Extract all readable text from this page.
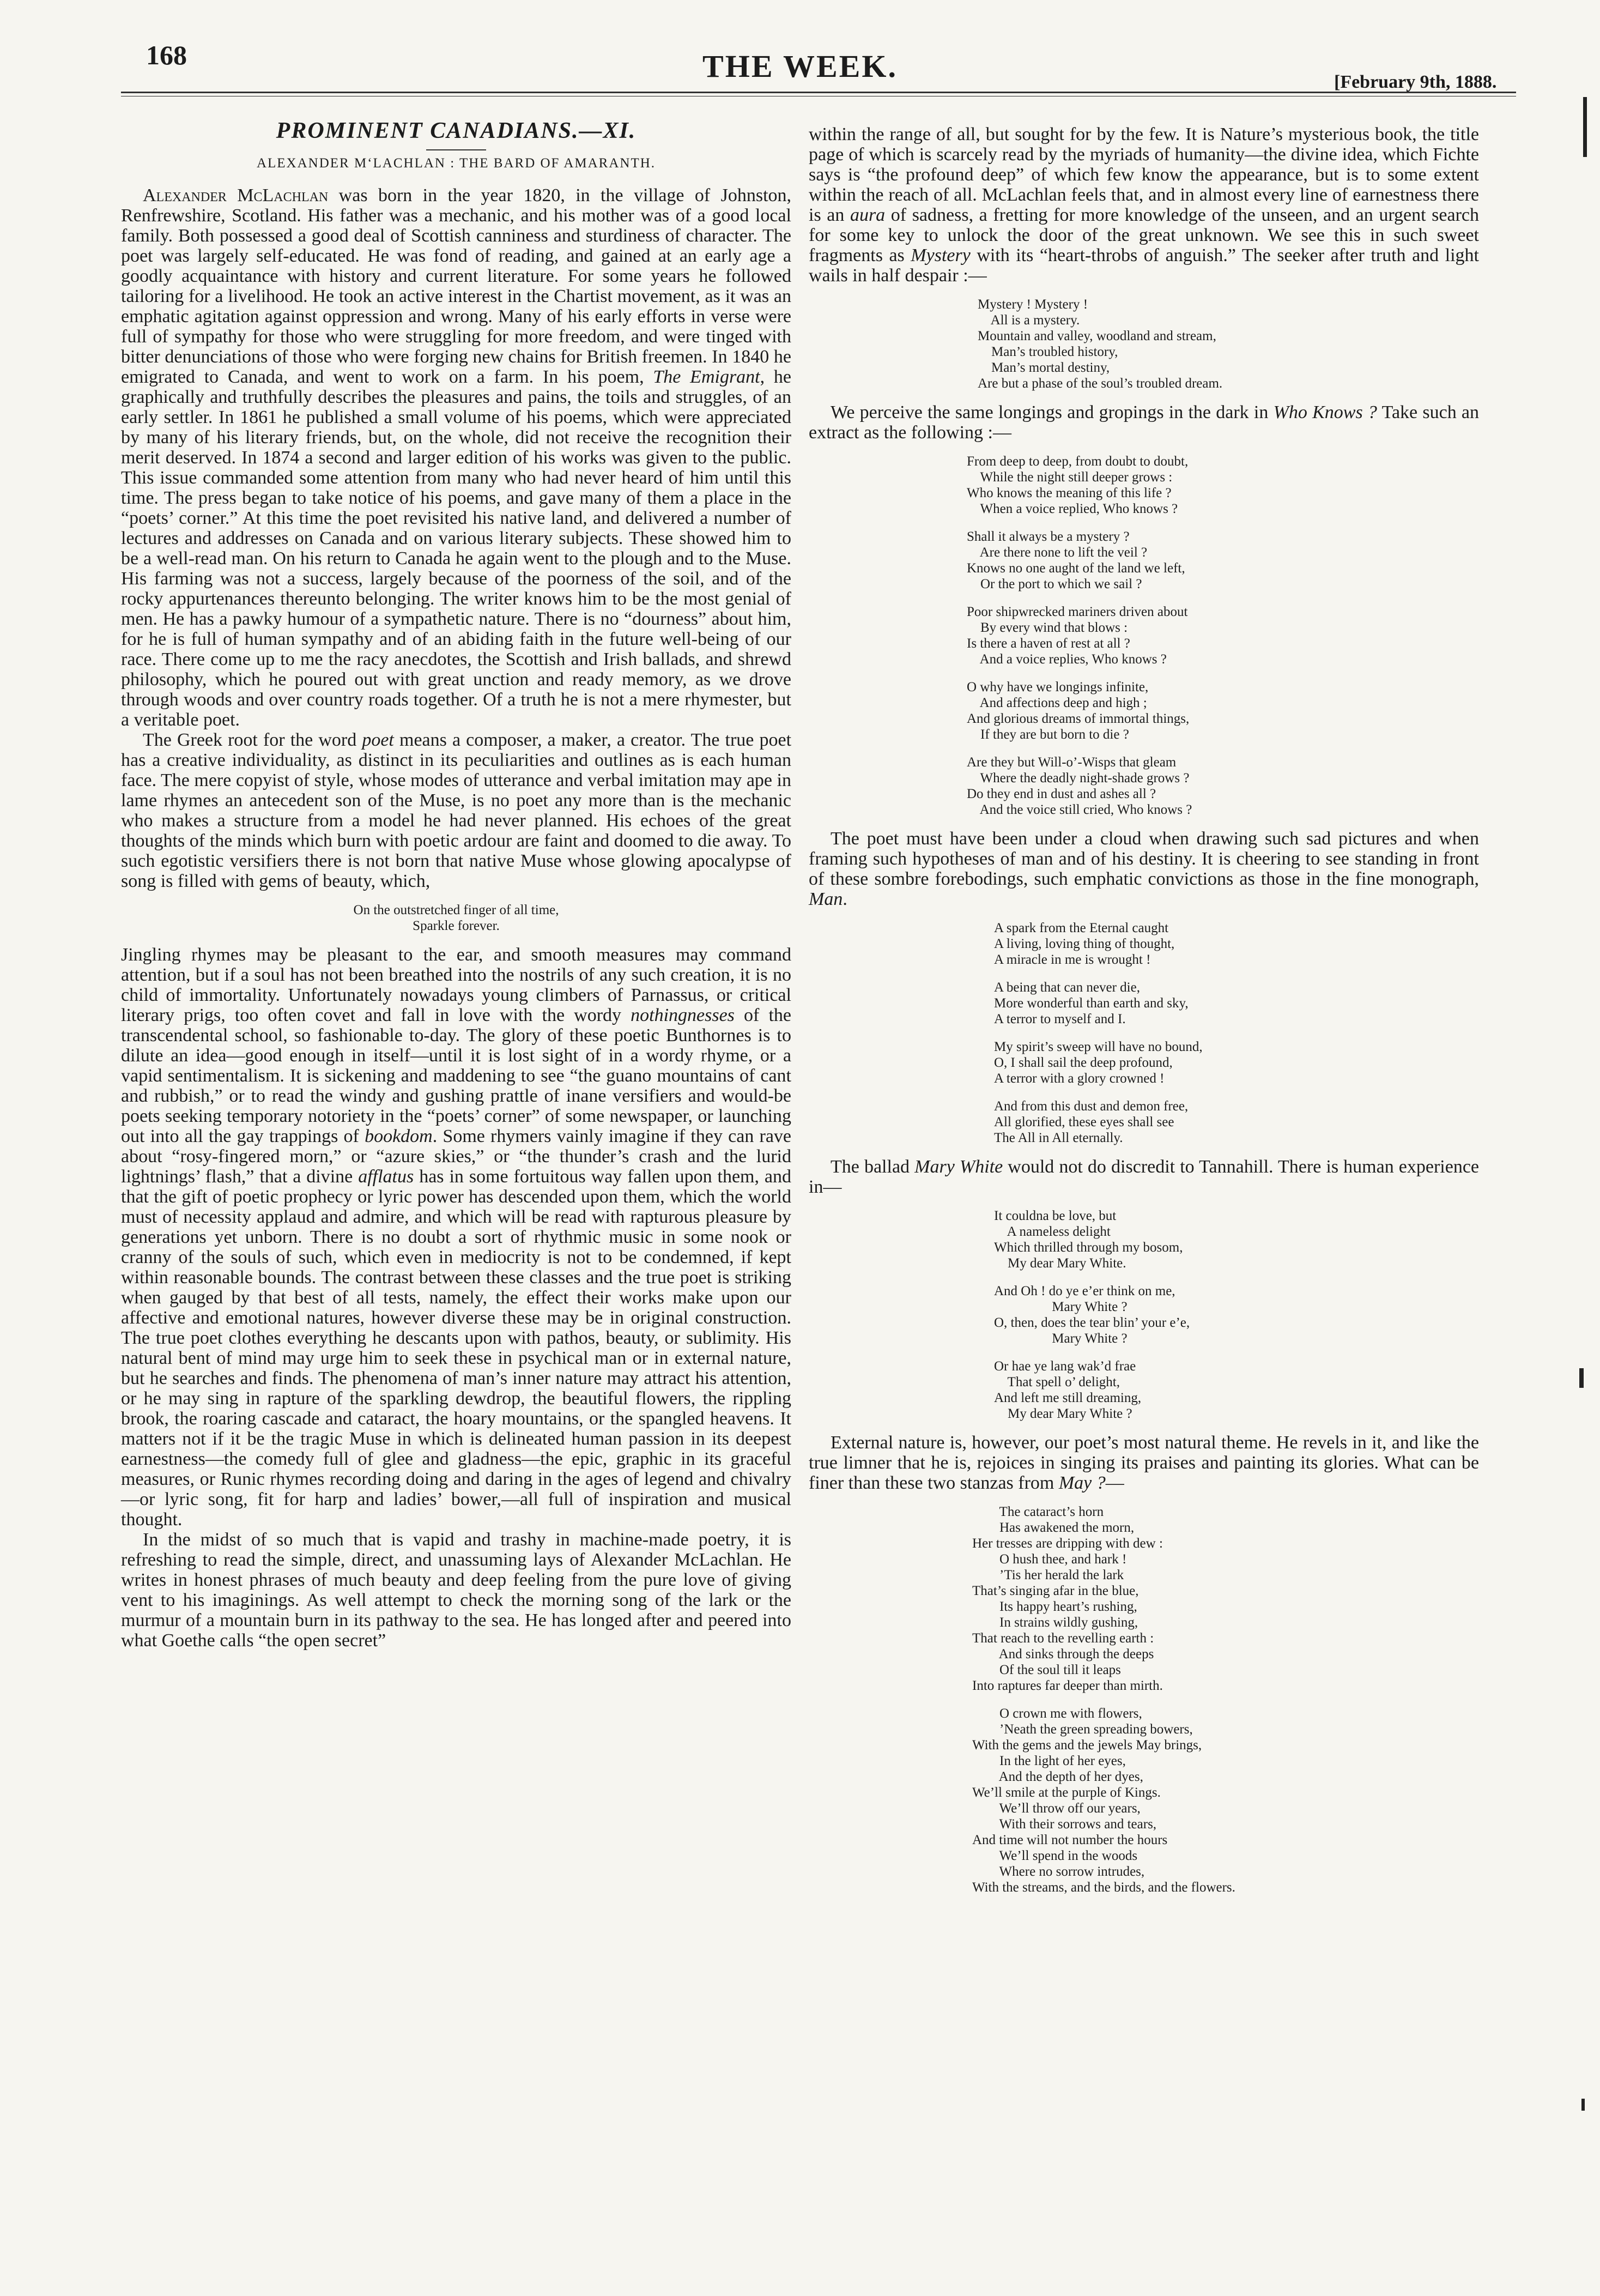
168	THE WEEK.	[February 9th, 1888.
PROMINENT CANADIANS.—XI.
ALEXANDER M‘LACHLAN : THE BARD OF AMARANTH.

Alexander McLachlan was born in the year 1820, in the village of Johnston, Renfrewshire, Scotland. His father was a mechanic, and his mother was of a good local family. Both possessed a good deal of Scottish canniness and sturdiness of character. The poet was largely self-educated. He was fond of reading, and gained at an early age a goodly acquaintance with history and current literature. For some years he followed tailoring for a livelihood. He took an active interest in the Chartist movement, as it was an emphatic agitation against oppression and wrong. Many of his early efforts in verse were full of sympathy for those who were struggling for more freedom, and were tinged with bitter denunciations of those who were forging new chains for British freemen. In 1840 he emigrated to Canada, and went to work on a farm. In his poem, The Emigrant, he graphically and truthfully describes the pleasures and pains, the toils and struggles, of an early settler. In 1861 he published a small volume of his poems, which were appreciated by many of his literary friends, but, on the whole, did not receive the recognition their merit deserved. In 1874 a second and larger edition of his works was given to the public. This issue commanded some attention from many who had never heard of him until this time. The press began to take notice of his poems, and gave many of them a place in the “poets’ corner.” At this time the poet revisited his native land, and delivered a number of lectures and addresses on Canada and on various literary subjects. These showed him to be a well-read man. On his return to Canada he again went to the plough and to the Muse. His farming was not a success, largely because of the poorness of the soil, and of the rocky appurtenances thereunto belonging. The writer knows him to be the most genial of men. He has a pawky humour of a sympathetic nature. There is no “dourness” about him, for he is full of human sympathy and of an abiding faith in the future well-being of our race. There come up to me the racy anecdotes, the Scottish and Irish ballads, and shrewd philosophy, which he poured out with great unction and ready memory, as we drove through woods and over country roads together. Of a truth he is not a mere rhymester, but a veritable poet.

The Greek root for the word poet means a composer, a maker, a creator. The true poet has a creative individuality, as distinct in its peculiarities and outlines as is each human face. The mere copyist of style, whose modes of utterance and verbal imitation may ape in lame rhymes an antecedent son of the Muse, is no poet any more than is the mechanic who makes a structure from a model he had never planned. His echoes of the great thoughts of the minds which burn with poetic ardour are faint and doomed to die away. To such egotistic versifiers there is not born that native Muse whose glowing apocalypse of song is filled with gems of beauty, which,

On the outstretched finger of all time,
Sparkle forever.

Jingling rhymes may be pleasant to the ear, and smooth measures may command attention, but if a soul has not been breathed into the nostrils of any such creation, it is no child of immortality. Unfortunately nowadays young climbers of Parnassus, or critical literary prigs, too often covet and fall in love with the wordy nothingnesses of the transcendental school, so fashionable to-day. The glory of these poetic Bunthornes is to dilute an idea—good enough in itself—until it is lost sight of in a wordy rhyme, or a vapid sentimentalism. It is sickening and maddening to see “the guano mountains of cant and rubbish,” or to read the windy and gushing prattle of inane versifiers and would-be poets seeking temporary notoriety in the “poets’ corner” of some newspaper, or launching out into all the gay trappings of bookdom. Some rhymers vainly imagine if they can rave about “rosy-fingered morn,” or “azure skies,” or “the thunder’s crash and the lurid lightnings’ flash,” that a divine afflatus has in some fortuitous way fallen upon them, and that the gift of poetic prophecy or lyric power has descended upon them, which the world must of necessity applaud and admire, and which will be read with rapturous pleasure by generations yet unborn. There is no doubt a sort of rhythmic music in some nook or cranny of the souls of such, which even in mediocrity is not to be condemned, if kept within reasonable bounds. The contrast between these classes and the true poet is striking when gauged by that best of all tests, namely, the effect their works make upon our affective and emotional natures, however diverse these may be in original construction. The true poet clothes everything he descants upon with pathos, beauty, or sublimity. His natural bent of mind may urge him to seek these in psychical man or in external nature, but he searches and finds. The phenomena of man’s inner nature may attract his attention, or he may sing in rapture of the sparkling dewdrop, the beautiful flowers, the rippling brook, the roaring cascade and cataract, the hoary mountains, or the spangled heavens. It matters not if it be the tragic Muse in which is delineated human passion in its deepest earnestness—the comedy full of glee and gladness—the epic, graphic in its graceful measures, or Runic rhymes recording doing and daring in the ages of legend and chivalry—or lyric song, fit for harp and ladies’ bower,—all full of inspiration and musical thought.

In the midst of so much that is vapid and trashy in machine-made poetry, it is refreshing to read the simple, direct, and unassuming lays of Alexander McLachlan. He writes in honest phrases of much beauty and deep feeling from the pure love of giving vent to his imaginings. As well attempt to check the morning song of the lark or the murmur of a mountain burn in its pathway to the sea. He has longed after and peered into what Goethe calls “the open secret”

within the range of all, but sought for by the few. It is Nature’s mysterious book, the title page of which is scarcely read by the myriads of humanity—the divine idea, which Fichte says is “the profound deep” of which few know the appearance, but is to some extent within the reach of all. McLachlan feels that, and in almost every line of earnestness there is an aura of sadness, a fretting for more knowledge of the unseen, and an urgent search for some key to unlock the door of the great unknown. We see this in such sweet fragments as Mystery with its “heart-throbs of anguish.” The seeker after truth and light wails in half despair :—

Mystery ! Mystery !
All is a mystery.
Mountain and valley, woodland and stream,
Man’s troubled history,
Man’s mortal destiny,
Are but a phase of the soul’s troubled dream.

We perceive the same longings and gropings in the dark in Who Knows ? Take such an extract as the following :—

From deep to deep, from doubt to doubt,
While the night still deeper grows :
Who knows the meaning of this life ?
When a voice replied, Who knows ?
Shall it always be a mystery ?
Are there none to lift the veil ?
Knows no one aught of the land we left,
Or the port to which we sail ?
Poor shipwrecked mariners driven about
By every wind that blows :
Is there a haven of rest at all ?
And a voice replies, Who knows ?
O why have we longings infinite,
And affections deep and high ;
And glorious dreams of immortal things,
If they are but born to die ?
Are they but Will-o’-Wisps that gleam
Where the deadly night-shade grows ?
Do they end in dust and ashes all ?
And the voice still cried, Who knows ?

The poet must have been under a cloud when drawing such sad pictures and when framing such hypotheses of man and of his destiny. It is cheering to see standing in front of these sombre forebodings, such emphatic convictions as those in the fine monograph, Man.

A spark from the Eternal caught
A living, loving thing of thought,
A miracle in me is wrought !
A being that can never die,
More wonderful than earth and sky,
A terror to myself and I.
My spirit’s sweep will have no bound,
O, I shall sail the deep profound,
A terror with a glory crowned !
And from this dust and demon free,
All glorified, these eyes shall see
The All in All eternally.

The ballad Mary White would not do discredit to Tannahill. There is human experience in—

It couldna be love, but
A nameless delight
Which thrilled through my bosom,
My dear Mary White.
And Oh ! do ye e’er think on me,
Mary White ?
O, then, does the tear blin’ your e’e,
Mary White ?
Or hae ye lang wak’d frae
That spell o’ delight,
And left me still dreaming,
My dear Mary White ?

External nature is, however, our poet’s most natural theme. He revels in it, and like the true limner that he is, rejoices in singing its praises and painting its glories. What can be finer than these two stanzas from May ?—

The cataract’s horn
Has awakened the morn,
Her tresses are dripping with dew :
O hush thee, and hark !
’Tis her herald the lark
That’s singing afar in the blue,
Its happy heart’s rushing,
In strains wildly gushing,
That reach to the revelling earth :
And sinks through the deeps
Of the soul till it leaps
Into raptures far deeper than mirth.
O crown me with flowers,
’Neath the green spreading bowers,
With the gems and the jewels May brings,
In the light of her eyes,
And the depth of her dyes,
We’ll smile at the purple of Kings.
We’ll throw off our years,
With their sorrows and tears,
And time will not number the hours
We’ll spend in the woods
Where no sorrow intrudes,
With the streams, and the birds, and the flowers.
